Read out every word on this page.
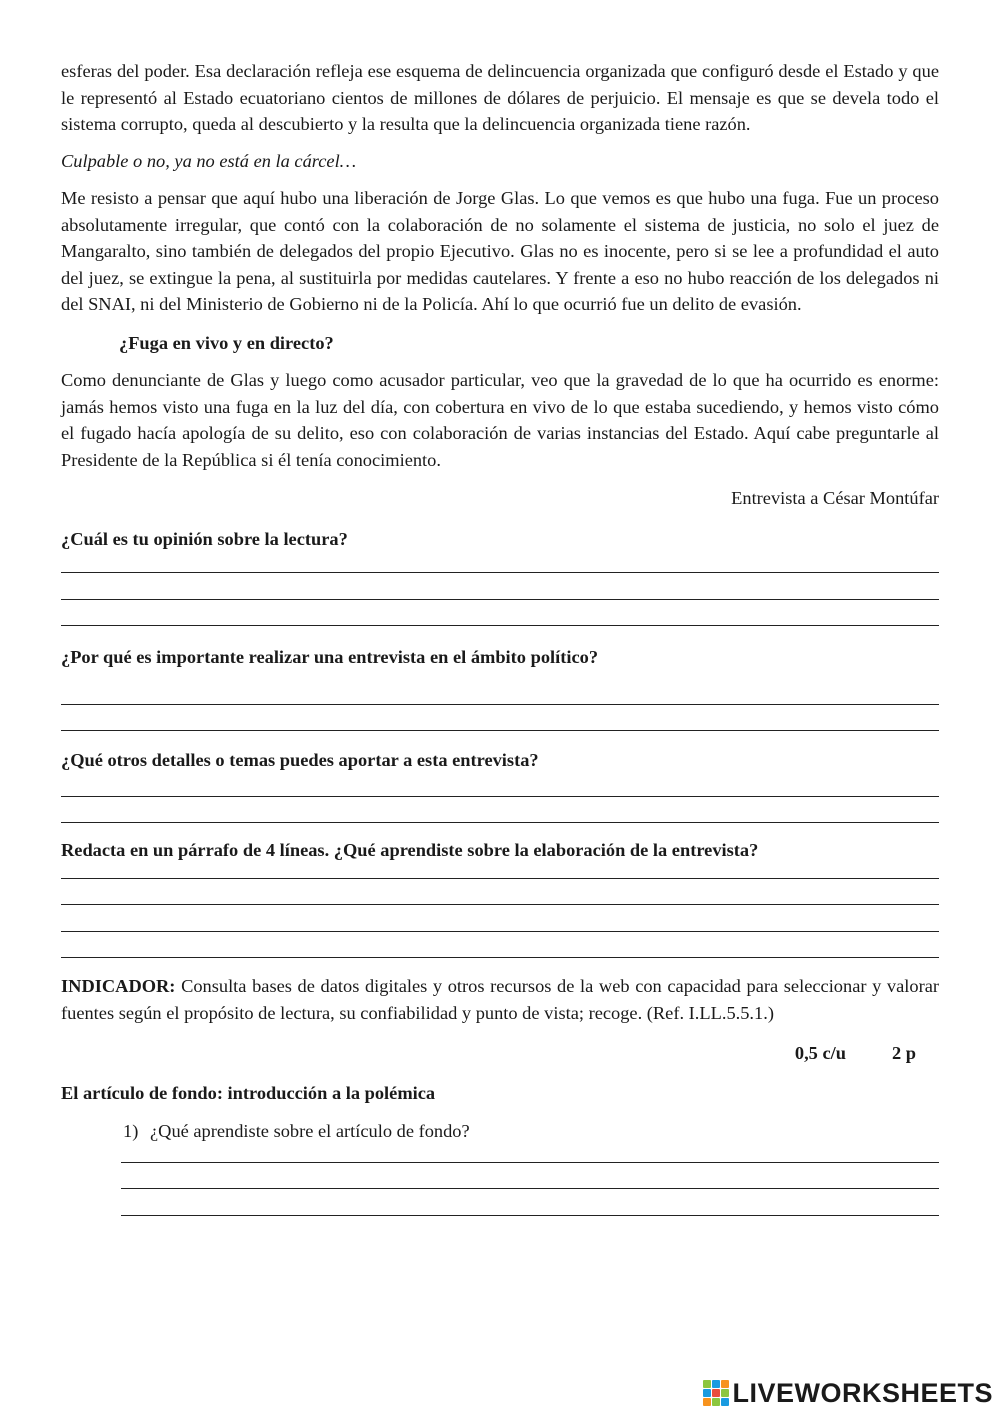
esferas del poder. Esa declaración refleja ese esquema de delincuencia organizada que configuró desde el Estado y que le representó al Estado ecuatoriano cientos de millones de dólares de perjuicio. El mensaje es que se devela todo el sistema corrupto, queda al descubierto y la resulta que la delincuencia organizada tiene razón.

Culpable o no, ya no está en la cárcel…

Me resisto a pensar que aquí hubo una liberación de Jorge Glas. Lo que vemos es que hubo una fuga. Fue un proceso absolutamente irregular, que contó con la colaboración de no solamente el sistema de justicia, no solo el juez de Mangaralto, sino también de delegados del propio Ejecutivo. Glas no es inocente, pero si se lee a profundidad el auto del juez, se extingue la pena, al sustituirla por medidas cautelares. Y frente a eso no hubo reacción de los delegados ni del SNAI, ni del Ministerio de Gobierno ni de la Policía. Ahí lo que ocurrió fue un delito de evasión.

¿Fuga en vivo y en directo?

Como denunciante de Glas y luego como acusador particular, veo que la gravedad de lo que ha ocurrido es enorme: jamás hemos visto una fuga en la luz del día, con cobertura en vivo de lo que estaba sucediendo, y hemos visto cómo el fugado hacía apología de su delito, eso con colaboración de varias instancias del Estado. Aquí cabe preguntarle al Presidente de la República si él tenía conocimiento.

Entrevista a César Montúfar

¿Cuál es tu opinión sobre la lectura?

¿Por qué es importante realizar una entrevista en el ámbito político?

¿Qué otros detalles o temas puedes aportar a esta entrevista?

Redacta en un párrafo de 4 líneas. ¿Qué aprendiste sobre la elaboración de la entrevista?

INDICADOR: Consulta bases de datos digitales y otros recursos de la web con capacidad para seleccionar y valorar fuentes según el propósito de lectura, su confiabilidad y punto de vista; recoge. (Ref. I.LL.5.5.1.)

0,5 c/u	2 p

El artículo de fondo: introducción a la polémica

1) ¿Qué aprendiste sobre el artículo de fondo?

LIVEWORKSHEETS
